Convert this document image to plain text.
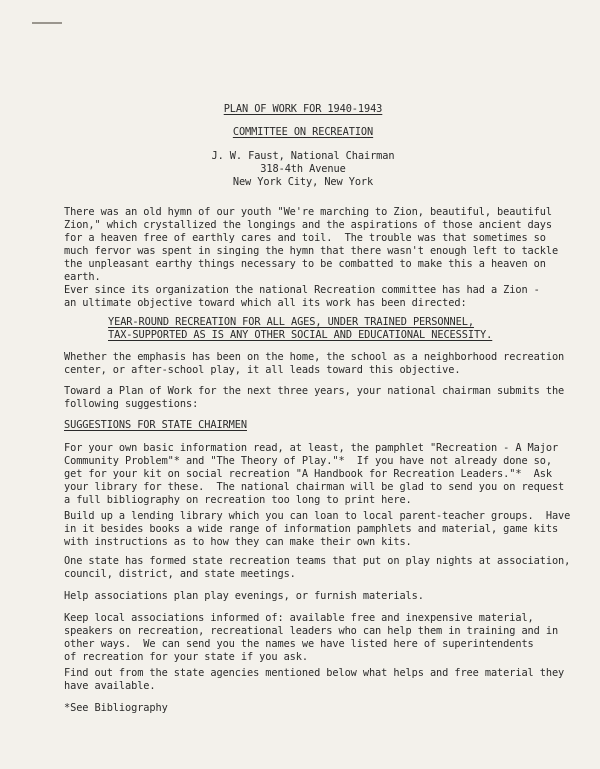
PLAN OF WORK FOR 1940-1943
COMMITTEE ON RECREATION
J. W. Faust, National Chairman
318-4th Avenue
New York City, New York
There was an old hymn of our youth "We're marching to Zion, beautiful, beautiful
Zion," which crystallized the longings and the aspirations of those ancient days
for a heaven free of earthly cares and toil.  The trouble was that sometimes so
much fervor was spent in singing the hymn that there wasn't enough left to tackle
the unpleasant earthy things necessary to be combatted to make this a heaven on
earth.
Ever since its organization the national Recreation committee has had a Zion -
an ultimate objective toward which all its work has been directed:
YEAR-ROUND RECREATION FOR ALL AGES, UNDER TRAINED PERSONNEL,
TAX-SUPPORTED AS IS ANY OTHER SOCIAL AND EDUCATIONAL NECESSITY.
Whether the emphasis has been on the home, the school as a neighborhood recreation
center, or after-school play, it all leads toward this objective.
Toward a Plan of Work for the next three years, your national chairman submits the
following suggestions:
SUGGESTIONS FOR STATE CHAIRMEN
For your own basic information read, at least, the pamphlet "Recreation - A Major
Community Problem"* and "The Theory of Play."*  If you have not already done so,
get for your kit on social recreation "A Handbook for Recreation Leaders."*  Ask
your library for these.  The national chairman will be glad to send you on request
a full bibliography on recreation too long to print here.
Build up a lending library which you can loan to local parent-teacher groups.  Have
in it besides books a wide range of information pamphlets and material, game kits
with instructions as to how they can make their own kits.
One state has formed state recreation teams that put on play nights at association,
council, district, and state meetings.
Help associations plan play evenings, or furnish materials.
Keep local associations informed of: available free and inexpensive material,
speakers on recreation, recreational leaders who can help them in training and in
other ways.  We can send you the names we have listed here of superintendents
of recreation for your state if you ask.
Find out from the state agencies mentioned below what helps and free material they
have available.
*See Bibliography
